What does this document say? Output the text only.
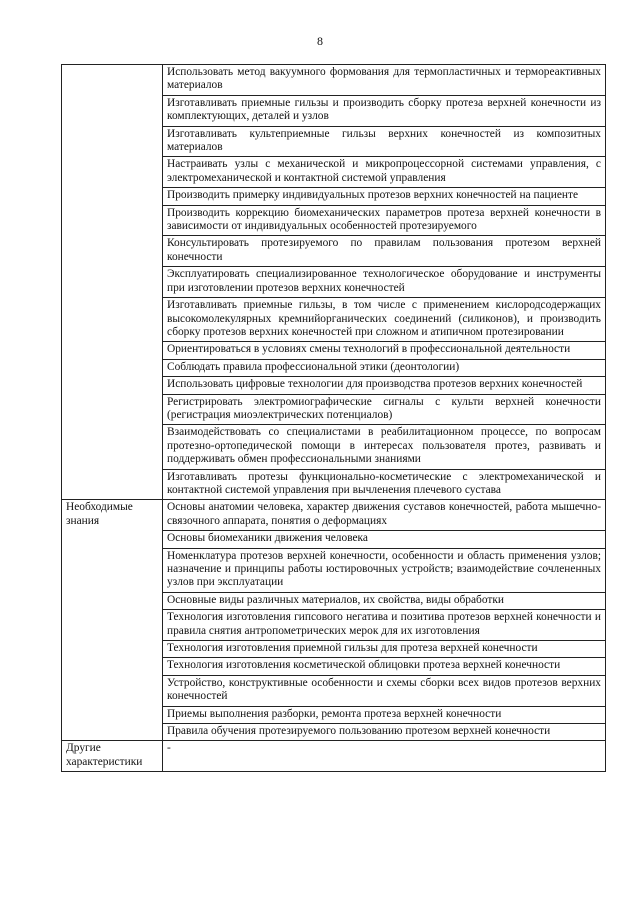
8
	Использовать метод вакуумного формования для термопластичных и термореактивных материалов
	Изготавливать приемные гильзы и производить сборку протеза верхней конечности из комплектующих, деталей и узлов
	Изготавливать культеприемные гильзы верхних конечностей из композитных материалов
	Настраивать узлы с механической и микропроцессорной системами управления, с электромеханической и контактной системой управления
	Производить примерку индивидуальных протезов верхних конечностей на пациенте
	Производить коррекцию биомеханических параметров протеза верхней конечности в зависимости от индивидуальных особенностей протезируемого
	Консультировать протезируемого по правилам пользования протезом верхней конечности
	Эксплуатировать специализированное технологическое оборудование и инструменты при изготовлении протезов верхних конечностей
	Изготавливать приемные гильзы, в том числе с применением кислородсодержащих высокомолекулярных кремнийорганических соединений (силиконов), и производить сборку протезов верхних конечностей при сложном и атипичном протезировании
	Ориентироваться в условиях смены технологий в профессиональной деятельности
	Соблюдать правила профессиональной этики (деонтологии)
	Использовать цифровые технологии для производства протезов верхних конечностей
	Регистрировать электромиографические сигналы с культи верхней конечности (регистрация миоэлектрических потенциалов)
	Взаимодействовать со специалистами в реабилитационном процессе, по вопросам протезно-ортопедической помощи в интересах пользователя протез, развивать и поддерживать обмен профессиональными знаниями
	Изготавливать протезы функционально-косметические с электромеханической и контактной системой управления при вычленения плечевого сустава
Необходимые знания	Основы анатомии человека, характер движения суставов конечностей, работа мышечно-связочного аппарата, понятия о деформациях
	Основы биомеханики движения человека
	Номенклатура протезов верхней конечности, особенности и область применения узлов; назначение и принципы работы юстировочных устройств; взаимодействие сочлененных узлов при эксплуатации
	Основные виды различных материалов, их свойства, виды обработки
	Технология изготовления гипсового негатива и позитива протезов верхней конечности и правила снятия антропометрических мерок для их изготовления
	Технология изготовления приемной гильзы для протеза верхней конечности
	Технология изготовления косметической облицовки протеза верхней конечности
	Устройство, конструктивные особенности и схемы сборки всех видов протезов верхних конечностей
	Приемы выполнения разборки, ремонта протеза верхней конечности
	Правила обучения протезируемого пользованию протезом верхней конечности
Другие характеристики	-
